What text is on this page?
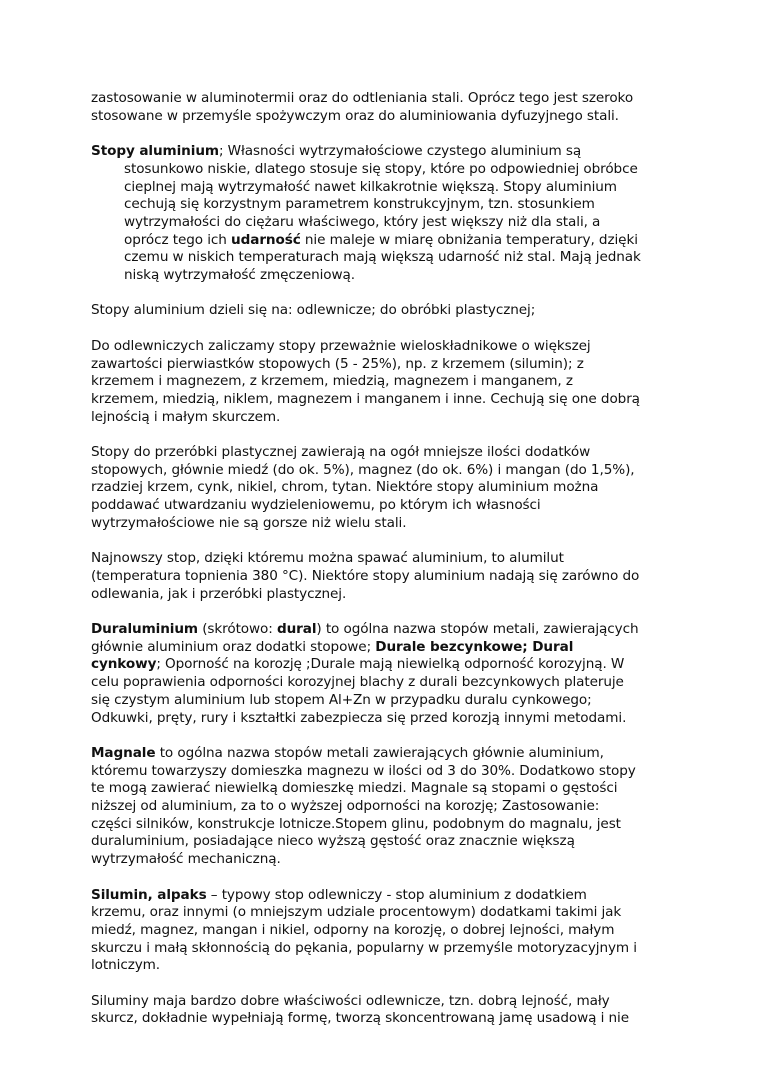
zastosowanie w aluminotermii oraz do odtleniania stali. Oprócz tego jest szeroko
stosowane w przemyśle spożywczym oraz do aluminiowania dyfuzyjnego stali.
Stopy aluminium; Własności wytrzymałościowe czystego aluminium są
stosunkowo niskie, dlatego stosuje się stopy, które po odpowiedniej obróbce
cieplnej mają wytrzymałość nawet kilkakrotnie większą. Stopy aluminium
cechują się korzystnym parametrem konstrukcyjnym, tzn. stosunkiem
wytrzymałości do ciężaru właściwego, który jest większy niż dla stali, a
oprócz tego ich udarność nie maleje w miarę obniżania temperatury, dzięki
czemu w niskich temperaturach mają większą udarność niż stal. Mają jednak
niską wytrzymałość zmęczeniową.
Stopy aluminium dzieli się na: odlewnicze; do obróbki plastycznej;
Do odlewniczych zaliczamy stopy przeważnie wieloskładnikowe o większej
zawartości pierwiastków stopowych (5 - 25%), np. z krzemem (silumin); z
krzemem i magnezem, z krzemem, miedzią, magnezem i manganem, z
krzemem, miedzią, niklem, magnezem i manganem i inne. Cechują się one dobrą
lejnością i małym skurczem.
Stopy do przeróbki plastycznej zawierają na ogół mniejsze ilości dodatków
stopowych, głównie miedź (do ok. 5%), magnez (do ok. 6%) i mangan (do 1,5%),
rzadziej krzem, cynk, nikiel, chrom, tytan. Niektóre stopy aluminium można
poddawać utwardzaniu wydzieleniowemu, po którym ich własności
wytrzymałościowe nie są gorsze niż wielu stali.
Najnowszy stop, dzięki któremu można spawać aluminium, to alumilut
(temperatura topnienia 380 °C). Niektóre stopy aluminium nadają się zarówno do
odlewania, jak i przeróbki plastycznej.
Duraluminium (skrótowo: dural) to ogólna nazwa stopów metali, zawierających
głównie aluminium oraz dodatki stopowe; Durale bezcynkowe; Dural
cynkowy; Oporność na korozję ;Durale mają niewielką odporność korozyjną. W
celu poprawienia odporności korozyjnej blachy z durali bezcynkowych plateruje
się czystym aluminium lub stopem Al+Zn w przypadku duralu cynkowego;
Odkuwki, pręty, rury i kształtki zabezpiecza się przed korozją innymi metodami.
Magnale to ogólna nazwa stopów metali zawierających głównie aluminium,
któremu towarzyszy domieszka magnezu w ilości od 3 do 30%. Dodatkowo stopy
te mogą zawierać niewielką domieszkę miedzi. Magnale są stopami o gęstości
niższej od aluminium, za to o wyższej odporności na korozję; Zastosowanie:
części silników, konstrukcje lotnicze.Stopem glinu, podobnym do magnalu, jest
duraluminium, posiadające nieco wyższą gęstość oraz znacznie większą
wytrzymałość mechaniczną.
Silumin, alpaks – typowy stop odlewniczy - stop aluminium z dodatkiem
krzemu, oraz innymi (o mniejszym udziale procentowym) dodatkami takimi jak
miedź, magnez, mangan i nikiel, odporny na korozję, o dobrej lejności, małym
skurczu i małą skłonnością do pękania, popularny w przemyśle motoryzacyjnym i
lotniczym.
Siluminy maja bardzo dobre właściwości odlewnicze, tzn. dobrą lejność, mały
skurcz, dokładnie wypełniają formę, tworzą skoncentrowaną jamę usadową i nie
